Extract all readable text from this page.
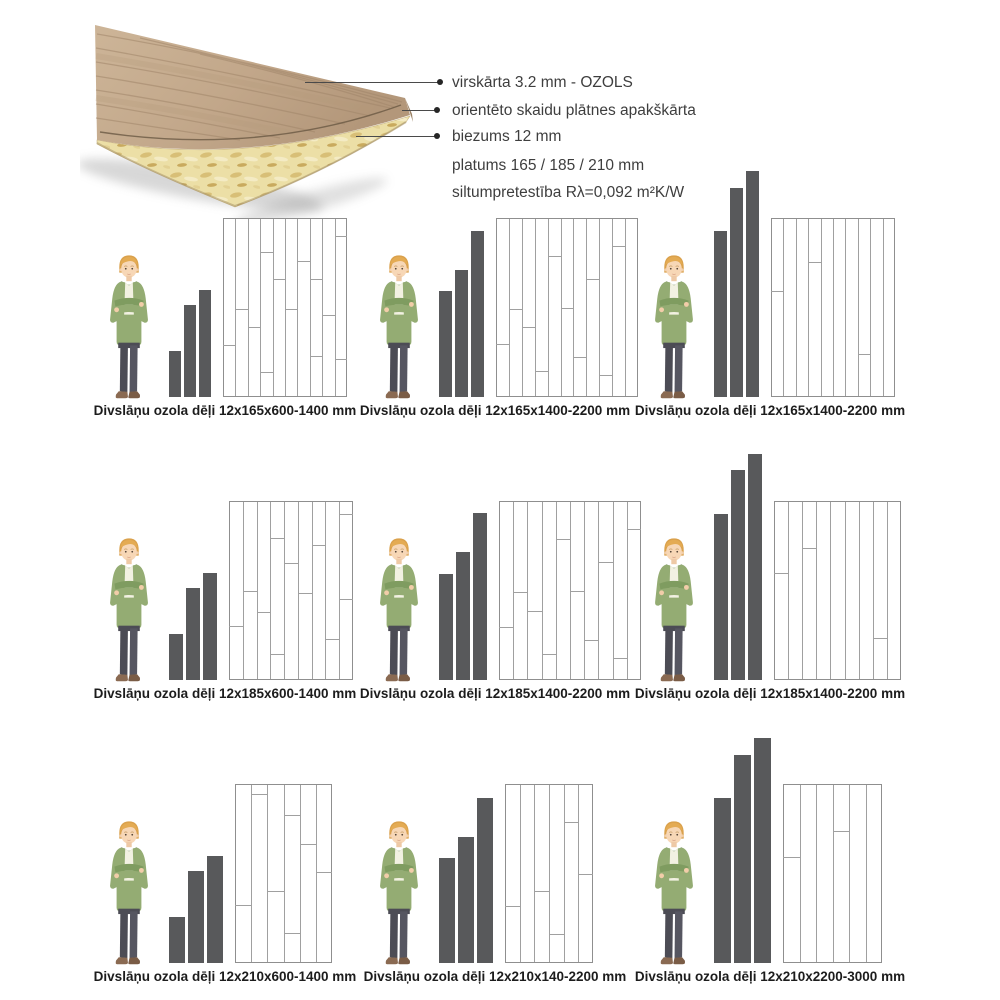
virskārta 3.2 mm - OZOLS
orientēto skaidu plātnes apakškārta
biezums 12 mm
platums 165 / 185 / 210 mm
siltumpretestība Rλ=0,092 m²K/W
Divslāņu ozola dēļi 12x165x600-1400 mm Divslāņu ozola dēļi 12x165x1400-2200 mm Divslāņu ozola dēļi 12x165x1400-2200 mm
Divslāņu ozola dēļi 12x185x600-1400 mm Divslāņu ozola dēļi 12x185x1400-2200 mm Divslāņu ozola dēļi 12x185x1400-2200 mm
Divslāņu ozola dēļi 12x210x600-1400 mm Divslāņu ozola dēļi 12x210x140-2200 mm Divslāņu ozola dēļi 12x210x2200-3000 mm
